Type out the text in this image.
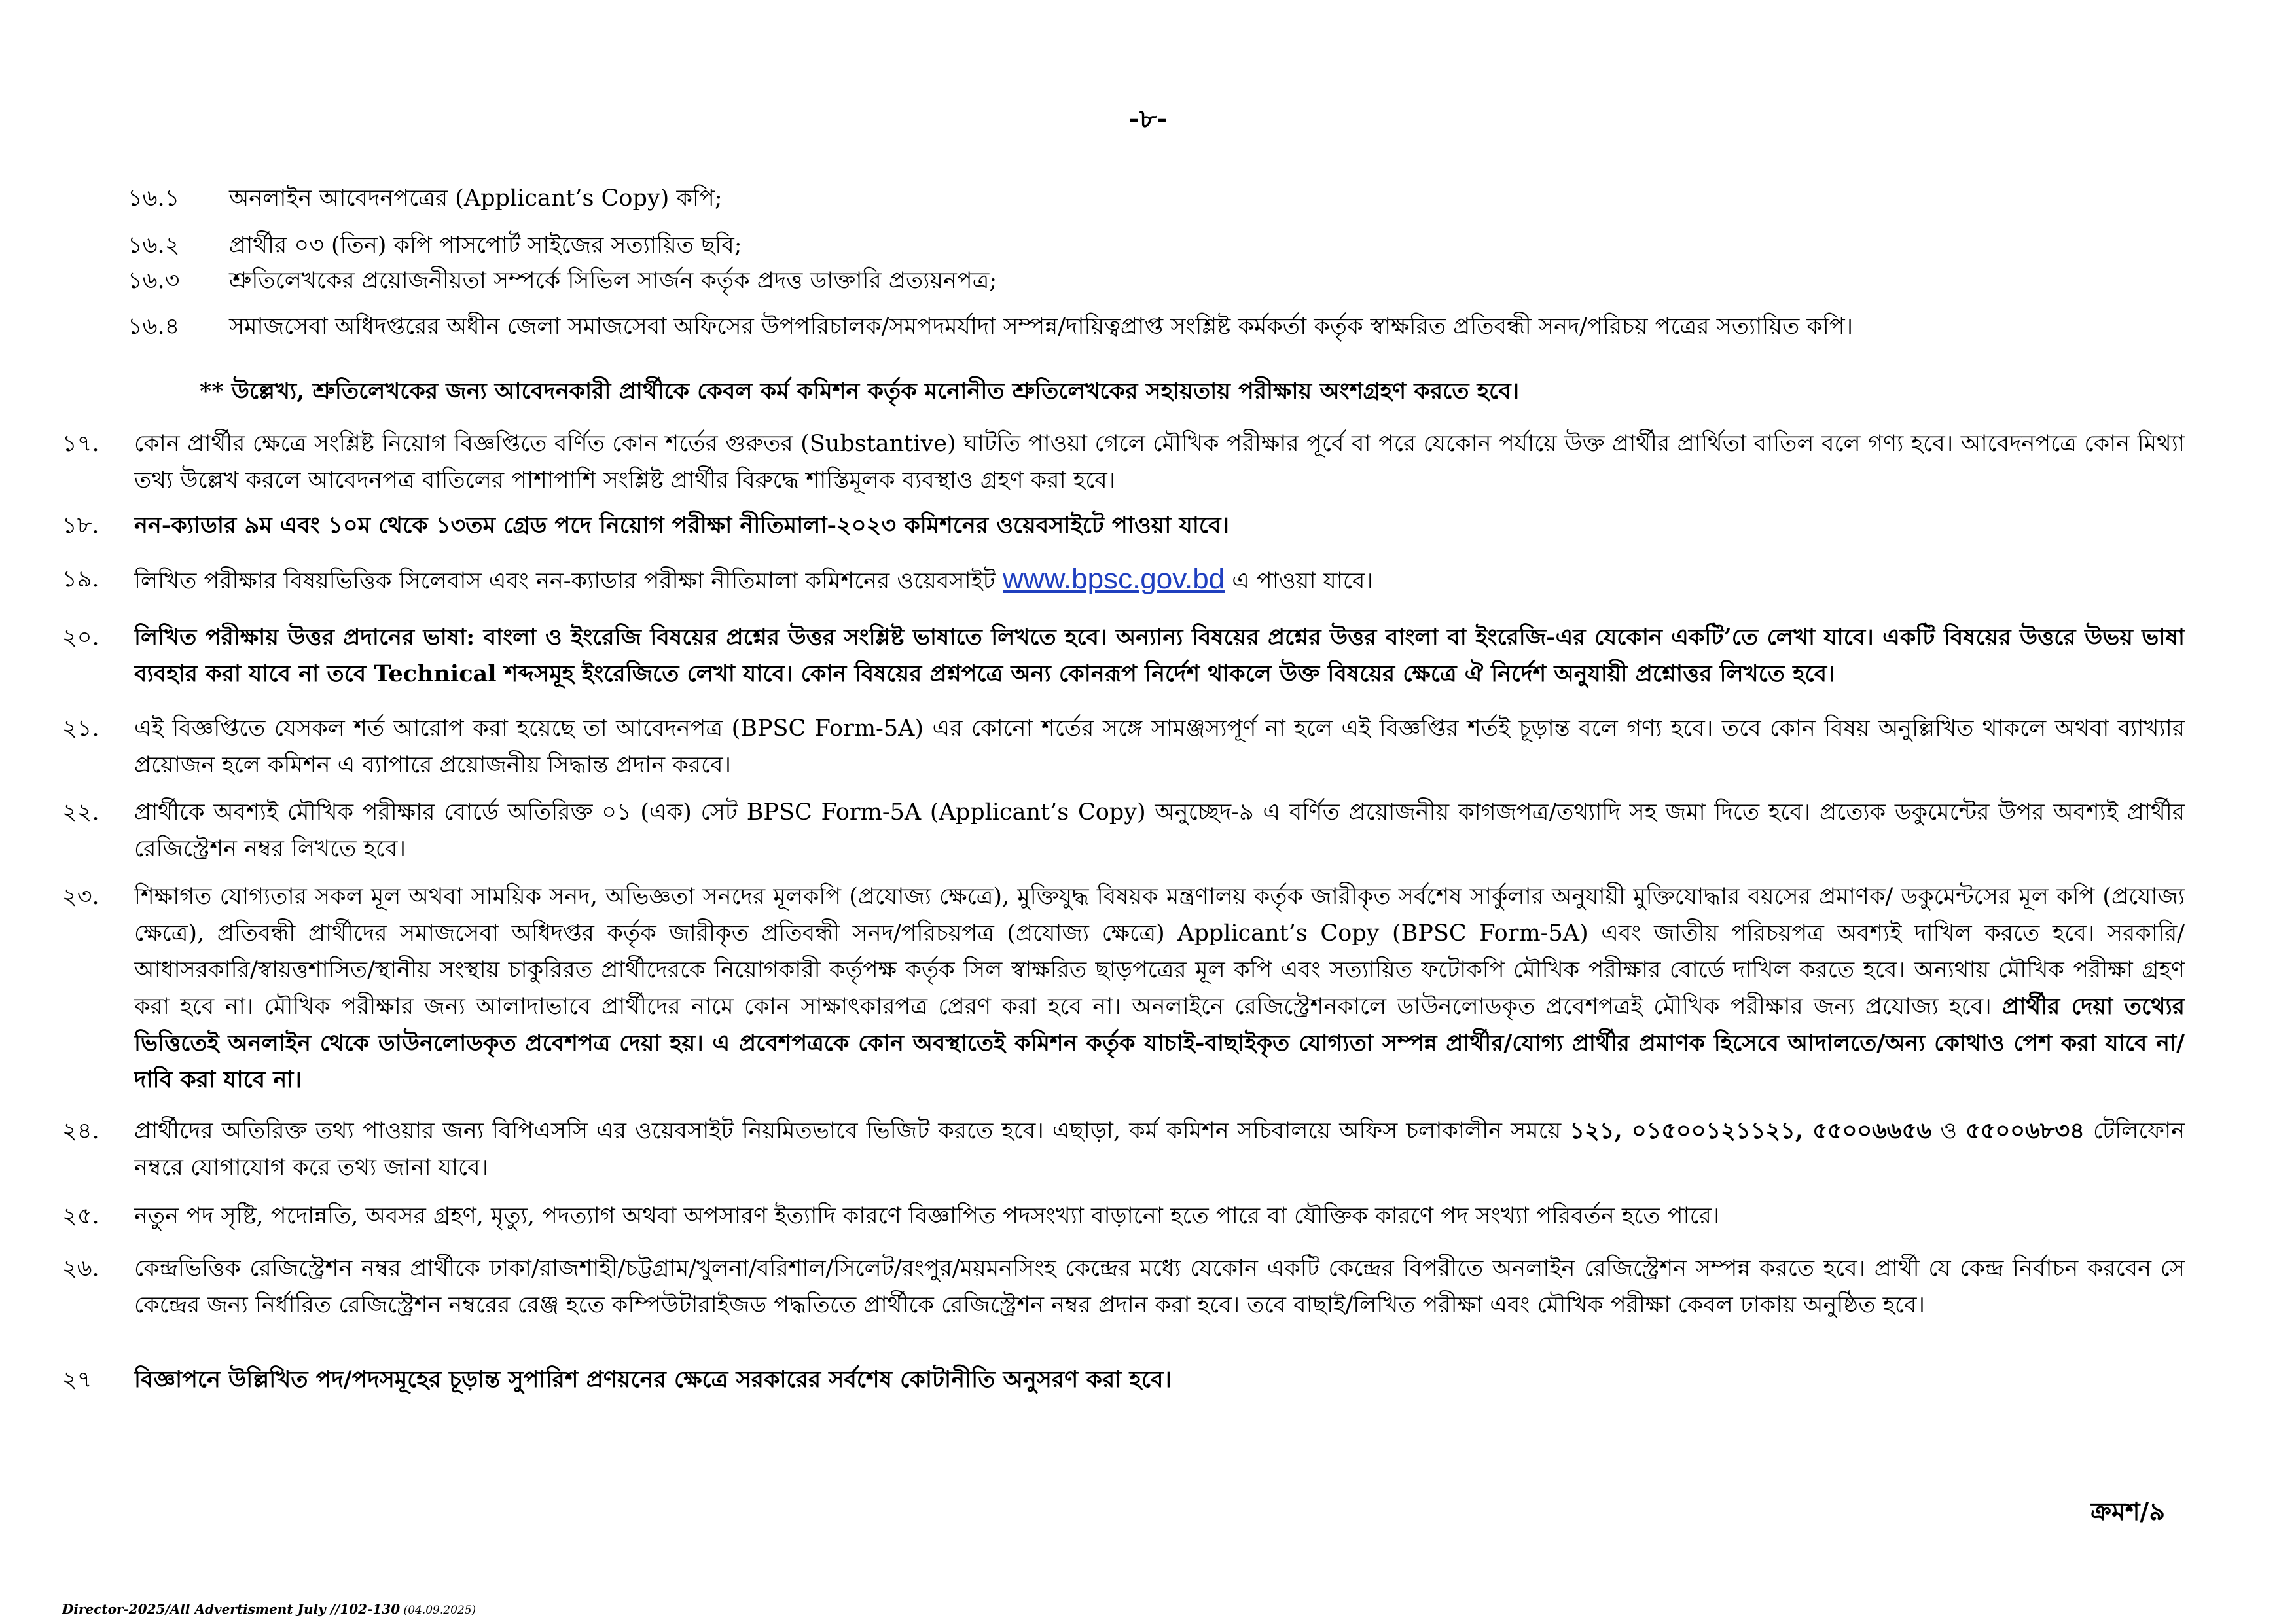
-৮-
১৬.১ অনলাইন আবেদনপত্রের (Applicant’s Copy) কপি;
১৬.২ প্রার্থীর ০৩ (তিন) কপি পাসপোর্ট সাইজের সত্যায়িত ছবি;
১৬.৩ শ্রুতিলেখকের প্রয়োজনীয়তা সম্পর্কে সিভিল সার্জন কর্তৃক প্রদত্ত ডাক্তারি প্রত্যয়নপত্র;
১৬.৪ সমাজসেবা অধিদপ্তরের অধীন জেলা সমাজসেবা অফিসের উপপরিচালক/সমপদমর্যাদা সম্পন্ন/দায়িত্বপ্রাপ্ত সংশ্লিষ্ট কর্মকর্তা কর্তৃক স্বাক্ষরিত প্রতিবন্ধী সনদ/পরিচয় পত্রের সত্যায়িত কপি।
** উল্লেখ্য, শ্রুতিলেখকের জন্য আবেদনকারী প্রার্থীকে কেবল কর্ম কমিশন কর্তৃক মনোনীত শ্রুতিলেখকের সহায়তায় পরীক্ষায় অংশগ্রহণ করতে হবে।
১৭. কোন প্রার্থীর ক্ষেত্রে সংশ্লিষ্ট নিয়োগ বিজ্ঞপ্তিতে বর্ণিত কোন শর্তের গুরুতর (Substantive) ঘাটতি পাওয়া গেলে মৌখিক পরীক্ষার পূর্বে বা পরে যেকোন পর্যায়ে উক্ত প্রার্থীর প্রার্থিতা বাতিল বলে গণ্য হবে। আবেদনপত্রে কোন মিথ্যা তথ্য উল্লেখ করলে আবেদনপত্র বাতিলের পাশাপাশি সংশ্লিষ্ট প্রার্থীর বিরুদ্ধে শাস্তিমূলক ব্যবস্থাও গ্রহণ করা হবে।
১৮. নন-ক্যাডার ৯ম এবং ১০ম থেকে ১৩তম গ্রেড পদে নিয়োগ পরীক্ষা নীতিমালা-২০২৩ কমিশনের ওয়েবসাইটে পাওয়া যাবে।
১৯. লিখিত পরীক্ষার বিষয়ভিত্তিক সিলেবাস এবং নন-ক্যাডার পরীক্ষা নীতিমালা কমিশনের ওয়েবসাইট www.bpsc.gov.bd এ পাওয়া যাবে।
২০. লিখিত পরীক্ষায় উত্তর প্রদানের ভাষা: বাংলা ও ইংরেজি বিষয়ের প্রশ্নের উত্তর সংশ্লিষ্ট ভাষাতে লিখতে হবে। অন্যান্য বিষয়ের প্রশ্নের উত্তর বাংলা বা ইংরেজি-এর যেকোন একটি’তে লেখা যাবে। একটি বিষয়ের উত্তরে উভয় ভাষা ব্যবহার করা যাবে না তবে Technical শব্দসমূহ ইংরেজিতে লেখা যাবে। কোন বিষয়ের প্রশ্নপত্রে অন্য কোনরূপ নির্দেশ থাকলে উক্ত বিষয়ের ক্ষেত্রে ঐ নির্দেশ অনুযায়ী প্রশ্নোত্তর লিখতে হবে।
২১. এই বিজ্ঞপ্তিতে যেসকল শর্ত আরোপ করা হয়েছে তা আবেদনপত্র (BPSC Form-5A) এর কোনো শর্তের সঙ্গে সামঞ্জস্যপূর্ণ না হলে এই বিজ্ঞপ্তির শর্তই চূড়ান্ত বলে গণ্য হবে। তবে কোন বিষয় অনুল্লিখিত থাকলে অথবা ব্যাখ্যার প্রয়োজন হলে কমিশন এ ব্যাপারে প্রয়োজনীয় সিদ্ধান্ত প্রদান করবে।
২২. প্রার্থীকে অবশ্যই মৌখিক পরীক্ষার বোর্ডে অতিরিক্ত ০১ (এক) সেট BPSC Form-5A (Applicant’s Copy) অনুচ্ছেদ-৯ এ বর্ণিত প্রয়োজনীয় কাগজপত্র/তথ্যাদি সহ জমা দিতে হবে। প্রত্যেক ডকুমেন্টের উপর অবশ্যই প্রার্থীর রেজিস্ট্রেশন নম্বর লিখতে হবে।
২৩. শিক্ষাগত যোগ্যতার সকল মূল অথবা সাময়িক সনদ, অভিজ্ঞতা সনদের মূলকপি (প্রযোজ্য ক্ষেত্রে), মুক্তিযুদ্ধ বিষয়ক মন্ত্রণালয় কর্তৃক জারীকৃত সর্বশেষ সার্কুলার অনুযায়ী মুক্তিযোদ্ধার বয়সের প্রমাণক/ ডকুমেন্টসের মূল কপি (প্রযোজ্য ক্ষেত্রে), প্রতিবন্ধী প্রার্থীদের সমাজসেবা অধিদপ্তর কর্তৃক জারীকৃত প্রতিবন্ধী সনদ/পরিচয়পত্র (প্রযোজ্য ক্ষেত্রে) Applicant’s Copy (BPSC Form-5A) এবং জাতীয় পরিচয়পত্র অবশ্যই দাখিল করতে হবে। সরকারি/ আধাসরকারি/স্বায়ত্তশাসিত/স্থানীয় সংস্থায় চাকুরিরত প্রার্থীদেরকে নিয়োগকারী কর্তৃপক্ষ কর্তৃক সিল স্বাক্ষরিত ছাড়পত্রের মূল কপি এবং সত্যায়িত ফটোকপি মৌখিক পরীক্ষার বোর্ডে দাখিল করতে হবে। অন্যথায় মৌখিক পরীক্ষা গ্রহণ করা হবে না। মৌখিক পরীক্ষার জন্য আলাদাভাবে প্রার্থীদের নামে কোন সাক্ষাৎকারপত্র প্রেরণ করা হবে না। অনলাইনে রেজিস্ট্রেশনকালে ডাউনলোডকৃত প্রবেশপত্রই মৌখিক পরীক্ষার জন্য প্রযোজ্য হবে। প্রার্থীর দেয়া তথ্যের ভিত্তিতেই অনলাইন থেকে ডাউনলোডকৃত প্রবেশপত্র দেয়া হয়। এ প্রবেশপত্রকে কোন অবস্থাতেই কমিশন কর্তৃক যাচাই-বাছাইকৃত যোগ্যতা সম্পন্ন প্রার্থীর/যোগ্য প্রার্থীর প্রমাণক হিসেবে আদালতে/অন্য কোথাও পেশ করা যাবে না/দাবি করা যাবে না।
২৪. প্রার্থীদের অতিরিক্ত তথ্য পাওয়ার জন্য বিপিএসসি এর ওয়েবসাইট নিয়মিতভাবে ভিজিট করতে হবে। এছাড়া, কর্ম কমিশন সচিবালয়ে অফিস চলাকালীন সময়ে ১২১, ০১৫০০১২১১২১, ৫৫০০৬৬৫৬ ও ৫৫০০৬৮৩৪ টেলিফোন নম্বরে যোগাযোগ করে তথ্য জানা যাবে।
২৫. নতুন পদ সৃষ্টি, পদোন্নতি, অবসর গ্রহণ, মৃত্যু, পদত্যাগ অথবা অপসারণ ইত্যাদি কারণে বিজ্ঞাপিত পদসংখ্যা বাড়ানো হতে পারে বা যৌক্তিক কারণে পদ সংখ্যা পরিবর্তন হতে পারে।
২৬. কেন্দ্রভিত্তিক রেজিস্ট্রেশন নম্বর প্রার্থীকে ঢাকা/রাজশাহী/চট্টগ্রাম/খুলনা/বরিশাল/সিলেট/রংপুর/ময়মনসিংহ কেন্দ্রের মধ্যে যেকোন একটি কেন্দ্রের বিপরীতে অনলাইন রেজিস্ট্রেশন সম্পন্ন করতে হবে। প্রার্থী যে কেন্দ্র নির্বাচন করবেন সে কেন্দ্রের জন্য নির্ধারিত রেজিস্ট্রেশন নম্বরের রেঞ্জ হতে কম্পিউটারাইজড পদ্ধতিতে প্রার্থীকে রেজিস্ট্রেশন নম্বর প্রদান করা হবে। তবে বাছাই/লিখিত পরীক্ষা এবং মৌখিক পরীক্ষা কেবল ঢাকায় অনুষ্ঠিত হবে।
২৭ বিজ্ঞাপনে উল্লিখিত পদ/পদসমূহের চূড়ান্ত সুপারিশ প্রণয়নের ক্ষেত্রে সরকারের সর্বশেষ কোটানীতি অনুসরণ করা হবে।
ক্রমশ/৯
Director-2025/All Advertisment July //102-130 (04.09.2025)
